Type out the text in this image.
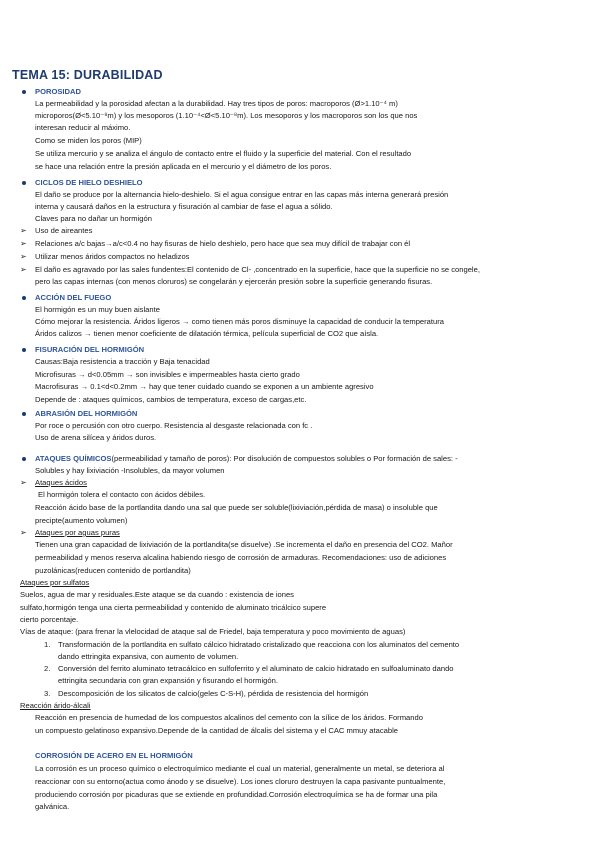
TEMA 15: DURABILIDAD
POROSIDAD
La permeabilidad y la porosidad afectan a la durabilidad. Hay tres tipos de poros: macroporos (Ø>1.10⁻⁴ m)
microporos(Ø<5.10⁻⁸m) y los mesoporos (1.10⁻⁴<Ø<5.10⁻⁸m). Los mesoporos y los macroporos son los que nos
interesan reducir al máximo.
Como se miden los poros (MIP)
Se utiliza mercurio y se analiza el ángulo de contacto entre el fluido y la superficie del material. Con el resultado
se hace una relación entre la presión aplicada en el mercurio y el diámetro de los poros.
CICLOS DE HIELO DESHIELO
El daño se produce por la alternancia hielo-deshielo. Si el agua consigue entrar en las capas más interna generará presión
interna y causará daños en la estructura y fisuración al cambiar de fase el agua a sólido.
Claves para no dañar un hormigón
➢ Uso de aireantes
➢ Relaciones a/c bajas→a/c<0.4 no hay fisuras de hielo deshielo, pero hace que sea muy difícil de trabajar con él
➢ Utilizar menos áridos compactos no heladizos
➢ El daño es agravado por las sales fundentes:El contenido de Cl- ,concentrado en la superficie, hace que la superficie no se congele,
pero las capas internas (con menos cloruros) se congelarán y ejercerán presión sobre la superficie generando fisuras.
ACCIÓN DEL FUEGO
El hormigón es un muy buen aislante
Cómo mejorar la resistencia. Áridos ligeros → como tienen más poros disminuye la capacidad de conducir la temperatura
Áridos calizos → tienen menor coeficiente de dilatación térmica, película superficial de CO2 que aísla.
FISURACIÓN DEL HORMIGÓN
Causas:Baja resistencia a tracción y Baja tenacidad
Microfisuras → d<0.05mm → son invisibles e impermeables hasta cierto grado
Macrofisuras → 0.1<d<0.2mm → hay que tener cuidado cuando se exponen a un ambiente agresivo
Depende de : ataques químicos, cambios de temperatura, exceso de cargas,etc.
ABRASIÓN DEL HORMIGÓN
Por roce o percusión con otro cuerpo. Resistencia al desgaste relacionada con fc .
Uso de arena silícea y áridos duros.
ATAQUES QUÍMICOS(permeabilidad y tamaño de poros): Por disolución de compuestos solubles o Por formación de sales: -
Solubles y hay lixiviación -Insolubles, da mayor volumen
➢ Ataques ácidos
El hormigón tolera el contacto con ácidos débiles.
Reacción ácido base de la portlandita dando una sal que puede ser soluble(lixiviación,pérdida de masa) o insoluble que
precipte(aumento volumen)
➢ Ataques por aguas puras
Tienen una gran capacidad de lixiviación de la portlandita(se disuelve) .Se incrementa el daño en presencia del CO2. Mañor
permeabilidad y menos reserva alcalina habiendo riesgo de corrosión de armaduras. Recomendaciones: uso de adiciones
puzolánicas(reducen contenido de portlandita)
Ataques por sulfatos
Suelos, agua de mar y residuales.Este ataque se da cuando : existencia de iones
sulfato,hormigón tenga una cierta permeabilidad y contenido de aluminato tricálcico supere
cierto porcentaje.
Vías de ataque: (para frenar la vlelocidad de ataque sal de Friedel, baja temperatura y poco movimiento de aguas)
1. Transformación de la portlandita en sulfato cálcico hidratado cristalizado que reacciona con los aluminatos del cemento
dando ettringita expansiva, con aumento de volumen.
2. Conversión del ferrito aluminato tetracálcico en sulfoferrito y el aluminato de calcio hidratado en sulfoaluminato dando
ettringita secundaria con gran expansión y fisurando el hormigón.
3. Descomposición de los silicatos de calcio(geles C-S-H), pérdida de resistencia del hormigón
Reacción árido-álcali
Reacción en presencia de humedad de los compuestos alcalinos del cemento con la sílice de los áridos. Formando
un compuesto gelatinoso expansivo.Depende de la cantidad de álcalis del sistema y el CAC mmuy atacable
CORROSIÓN DE ACERO EN EL HORMIGÓN
La corrosión es un proceso químico o electroquímico mediante el cual un material, generalmente un metal, se deteriora al
reaccionar con su entorno(actua como ánodo y se disuelve). Los iones cloruro destruyen la capa pasivante puntualmente,
produciendo corrosión por picaduras que se extiende en profundidad.Corrosión electroquímica se ha de formar una pila
galvánica.
